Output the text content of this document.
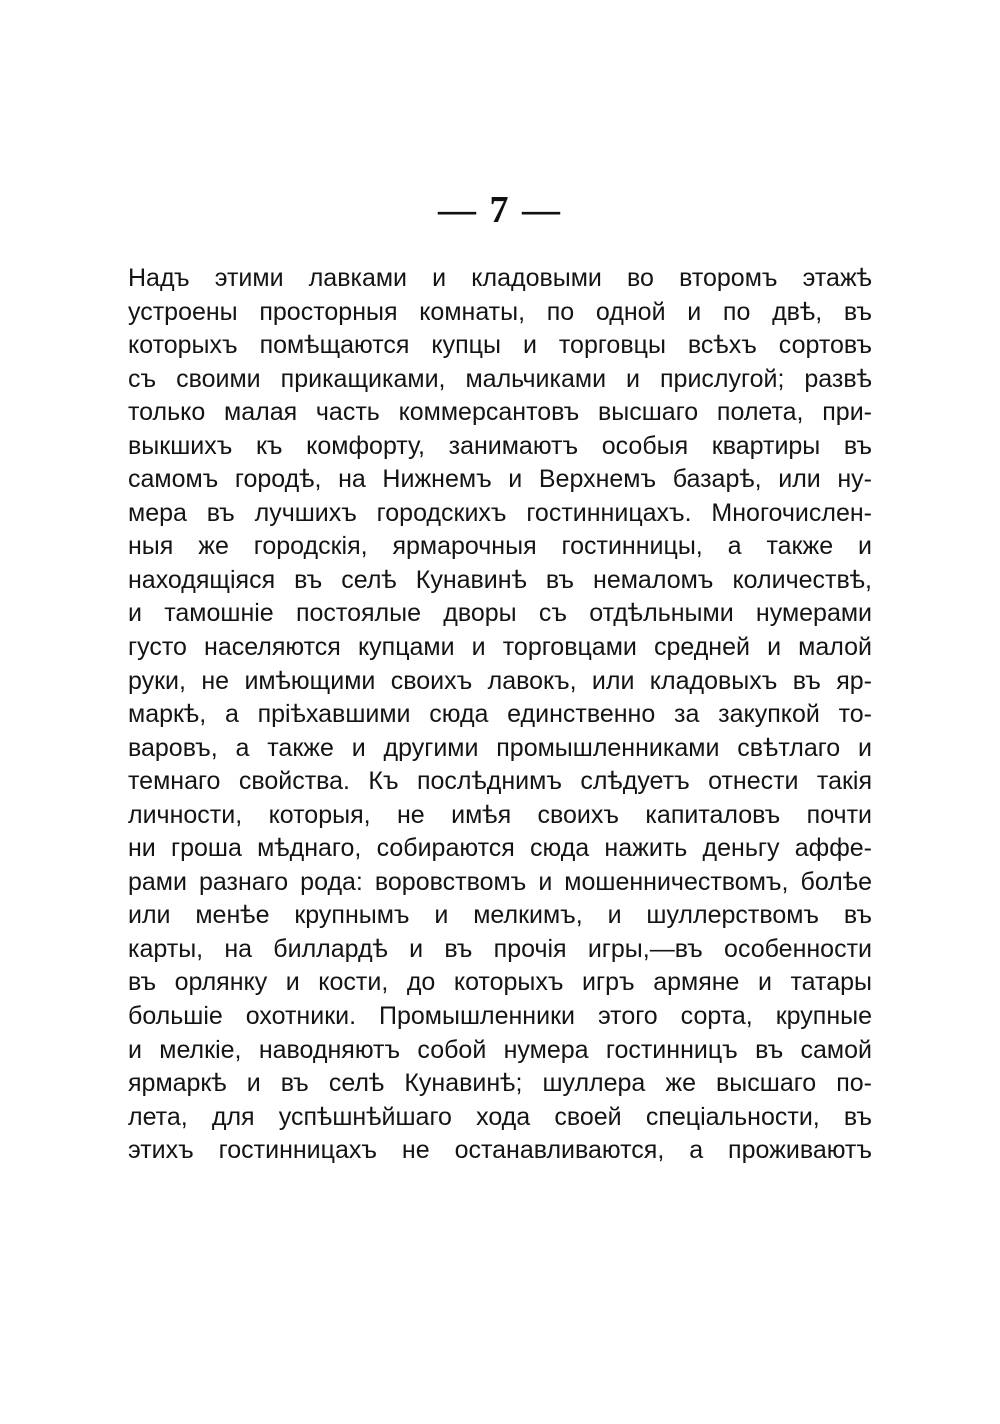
— 7 —
Надъ этими лавками и кладовыми во второмъ этажѣ
устроены просторныя комнаты, по одной и по двѣ, въ
которыхъ помѣщаются купцы и торговцы всѣхъ сортовъ
съ своими прикащиками, мальчиками и прислугой; развѣ
только малая часть коммерсантовъ высшаго полета, при-
выкшихъ къ комфорту, занимаютъ особыя квартиры въ
самомъ городѣ, на Нижнемъ и Верхнемъ базарѣ, или ну-
мера въ лучшихъ городскихъ гостинницахъ. Многочислен-
ныя же городскія, ярмарочныя гостинницы, а также и
находящіяся въ селѣ Кунавинѣ въ немаломъ количествѣ,
и тамошніе постоялые дворы съ отдѣльными нумерами
густо населяются купцами и торговцами средней и малой
руки, не имѣющими своихъ лавокъ, или кладовыхъ въ яр-
маркѣ, а пріѣхавшими сюда единственно за закупкой то-
варовъ, а также и другими промышленниками свѣтлаго и
темнаго свойства. Къ послѣднимъ слѣдуетъ отнести такія
личности, которыя, не имѣя своихъ капиталовъ почти
ни гроша мѣднаго, собираются сюда нажить деньгу аффе-
рами разнаго рода: воровствомъ и мошенничествомъ, болѣе
или менѣе крупнымъ и мелкимъ, и шуллерствомъ въ
карты, на биллардѣ и въ прочія игры,—въ особенности
въ орлянку и кости, до которыхъ игръ армяне и татары
большіе охотники. Промышленники этого сорта, крупные
и мелкіе, наводняютъ собой нумера гостинницъ въ самой
ярмаркѣ и въ селѣ Кунавинѣ; шуллера же высшаго по-
лета, для успѣшнѣйшаго хода своей спеціальности, въ
этихъ гостинницахъ не останавливаются, а проживаютъ
